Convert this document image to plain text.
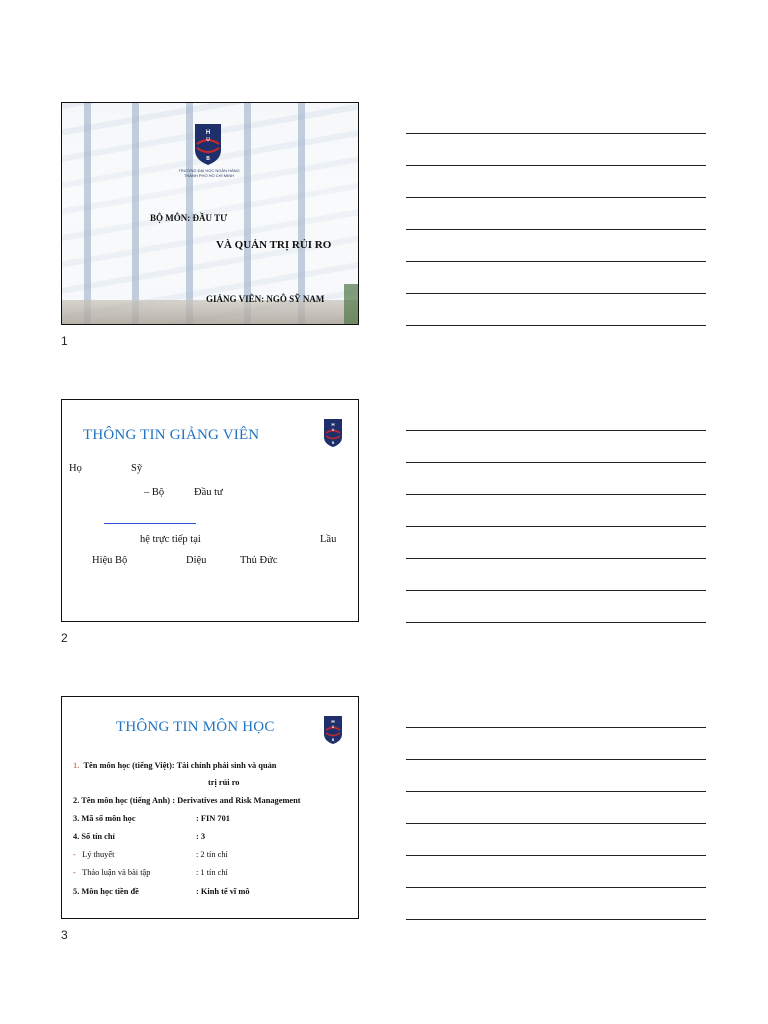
H
U
B
TRƯỜNG ĐẠI HỌC NGÂN HÀNG
THÀNH PHỐ HỒ CHÍ MINH
BỘ MÔN: ĐẦU TƯ
VÀ QUẢN TRỊ RỦI RO
GIẢNG VIÊN: NGÔ SỸ NAM
1
THÔNG TIN GIẢNG VIÊN
H
U
B
Họ	Sỹ
– Bộ	Đầu tư
hệ trực tiếp tại	Lầu
Hiệu Bộ	Diệu	Thủ Đức
2
THÔNG TIN MÔN HỌC	H
U
B
1. Tên môn học (tiếng Việt): Tài chính phái sinh và quản
trị rủi ro
2. Tên môn học (tiếng Anh) : Derivatives and Risk Management
3. Mã số môn học	: FIN 701
4. Số tín chỉ	: 3
- Lý thuyết	: 2 tín chỉ
- Thảo luận và bài tập	: 1 tín chỉ
5. Môn học tiền đề	: Kinh tế vĩ mô
3
